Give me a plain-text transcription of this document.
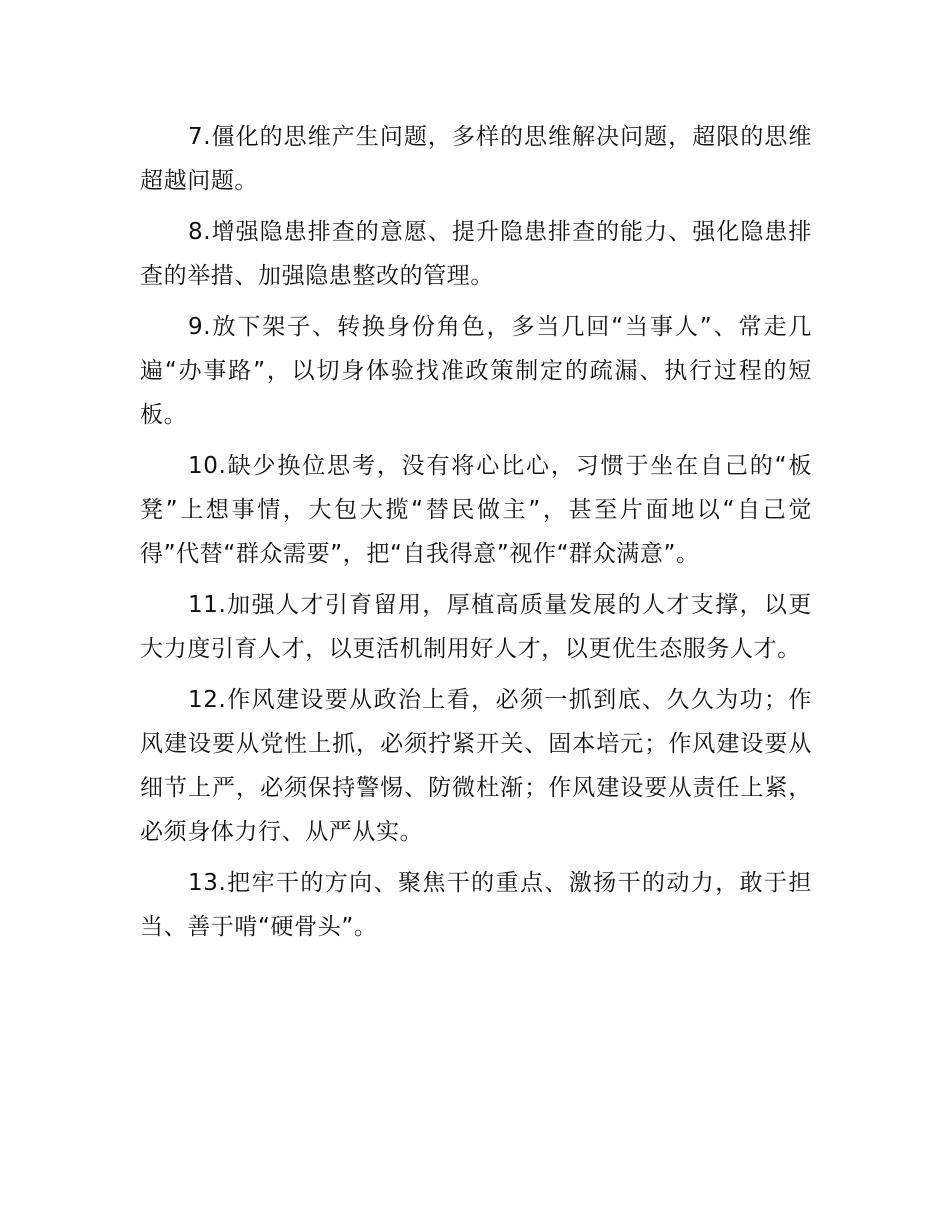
7.僵化的思维产生问题，多样的思维解决问题，超限的思维超越问题。

8.增强隐患排查的意愿、提升隐患排查的能力、强化隐患排查的举措、加强隐患整改的管理。

9.放下架子、转换身份角色，多当几回“当事人”、常走几遍“办事路”，以切身体验找准政策制定的疏漏、执行过程的短板。

10.缺少换位思考，没有将心比心，习惯于坐在自己的“板凳”上想事情，大包大揽“替民做主”，甚至片面地以“自己觉得”代替“群众需要”，把“自我得意”视作“群众满意”。

11.加强人才引育留用，厚植高质量发展的人才支撑，以更大力度引育人才，以更活机制用好人才，以更优生态服务人才。

12.作风建设要从政治上看，必须一抓到底、久久为功；作风建设要从党性上抓，必须拧紧开关、固本培元；作风建设要从细节上严，必须保持警惕、防微杜渐；作风建设要从责任上紧，必须身体力行、从严从实。

13.把牢干的方向、聚焦干的重点、激扬干的动力，敢于担当、善于啃“硬骨头”。
